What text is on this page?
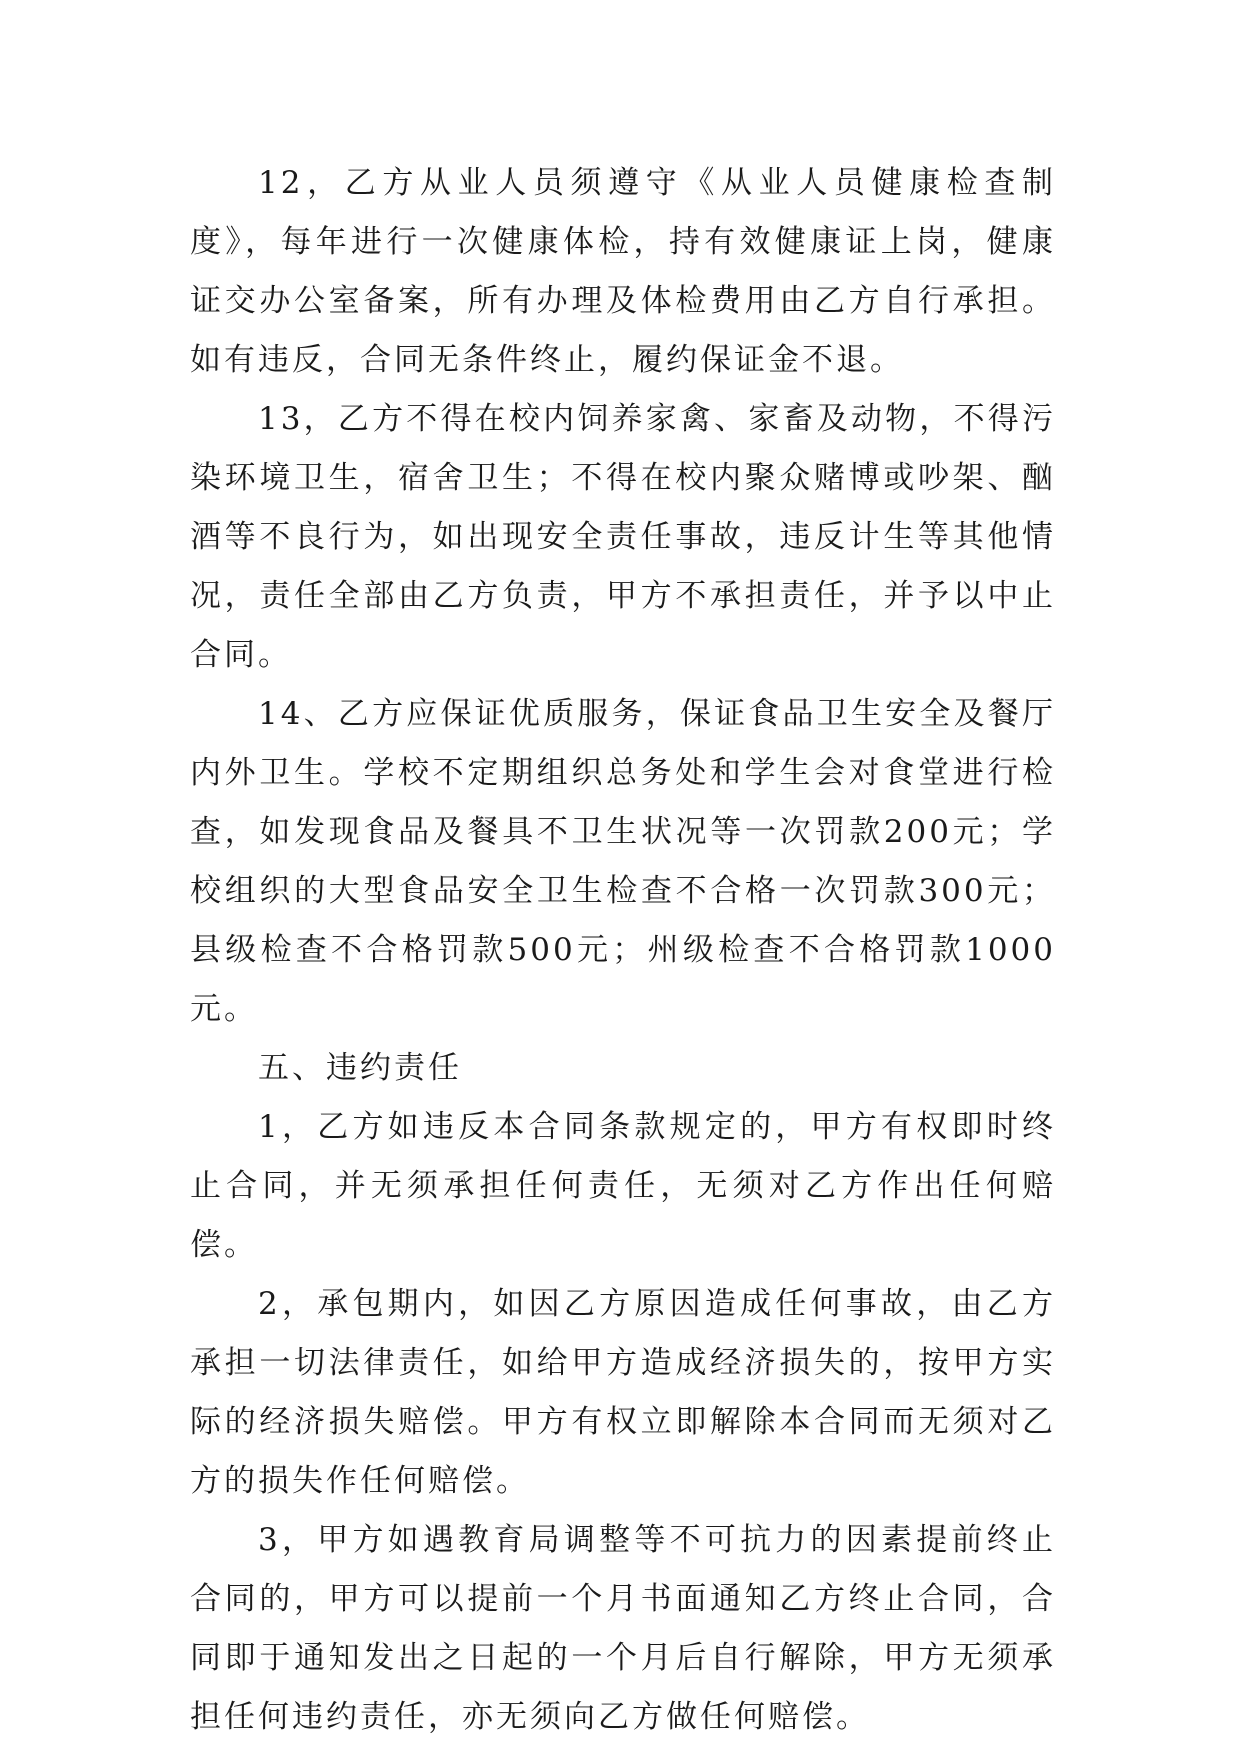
12，乙方从业人员须遵守《从业人员健康检查制度》，每年进行一次健康体检，持有效健康证上岗，健康证交办公室备案，所有办理及体检费用由乙方自行承担。如有违反，合同无条件终止，履约保证金不退。

13，乙方不得在校内饲养家禽、家畜及动物，不得污染环境卫生，宿舍卫生；不得在校内聚众赌博或吵架、酗酒等不良行为，如出现安全责任事故，违反计生等其他情况，责任全部由乙方负责，甲方不承担责任，并予以中止合同。

14、乙方应保证优质服务，保证食品卫生安全及餐厅内外卫生。学校不定期组织总务处和学生会对食堂进行检查，如发现食品及餐具不卫生状况等一次罚款200元；学校组织的大型食品安全卫生检查不合格一次罚款300元；县级检查不合格罚款500元；州级检查不合格罚款1000元。

五、违约责任

1，乙方如违反本合同条款规定的，甲方有权即时终止合同，并无须承担任何责任，无须对乙方作出任何赔偿。

2，承包期内，如因乙方原因造成任何事故，由乙方承担一切法律责任，如给甲方造成经济损失的，按甲方实际的经济损失赔偿。甲方有权立即解除本合同而无须对乙方的损失作任何赔偿。

3，甲方如遇教育局调整等不可抗力的因素提前终止合同的，甲方可以提前一个月书面通知乙方终止合同，合同即于通知发出之日起的一个月后自行解除，甲方无须承担任何违约责任，亦无须向乙方做任何赔偿。
